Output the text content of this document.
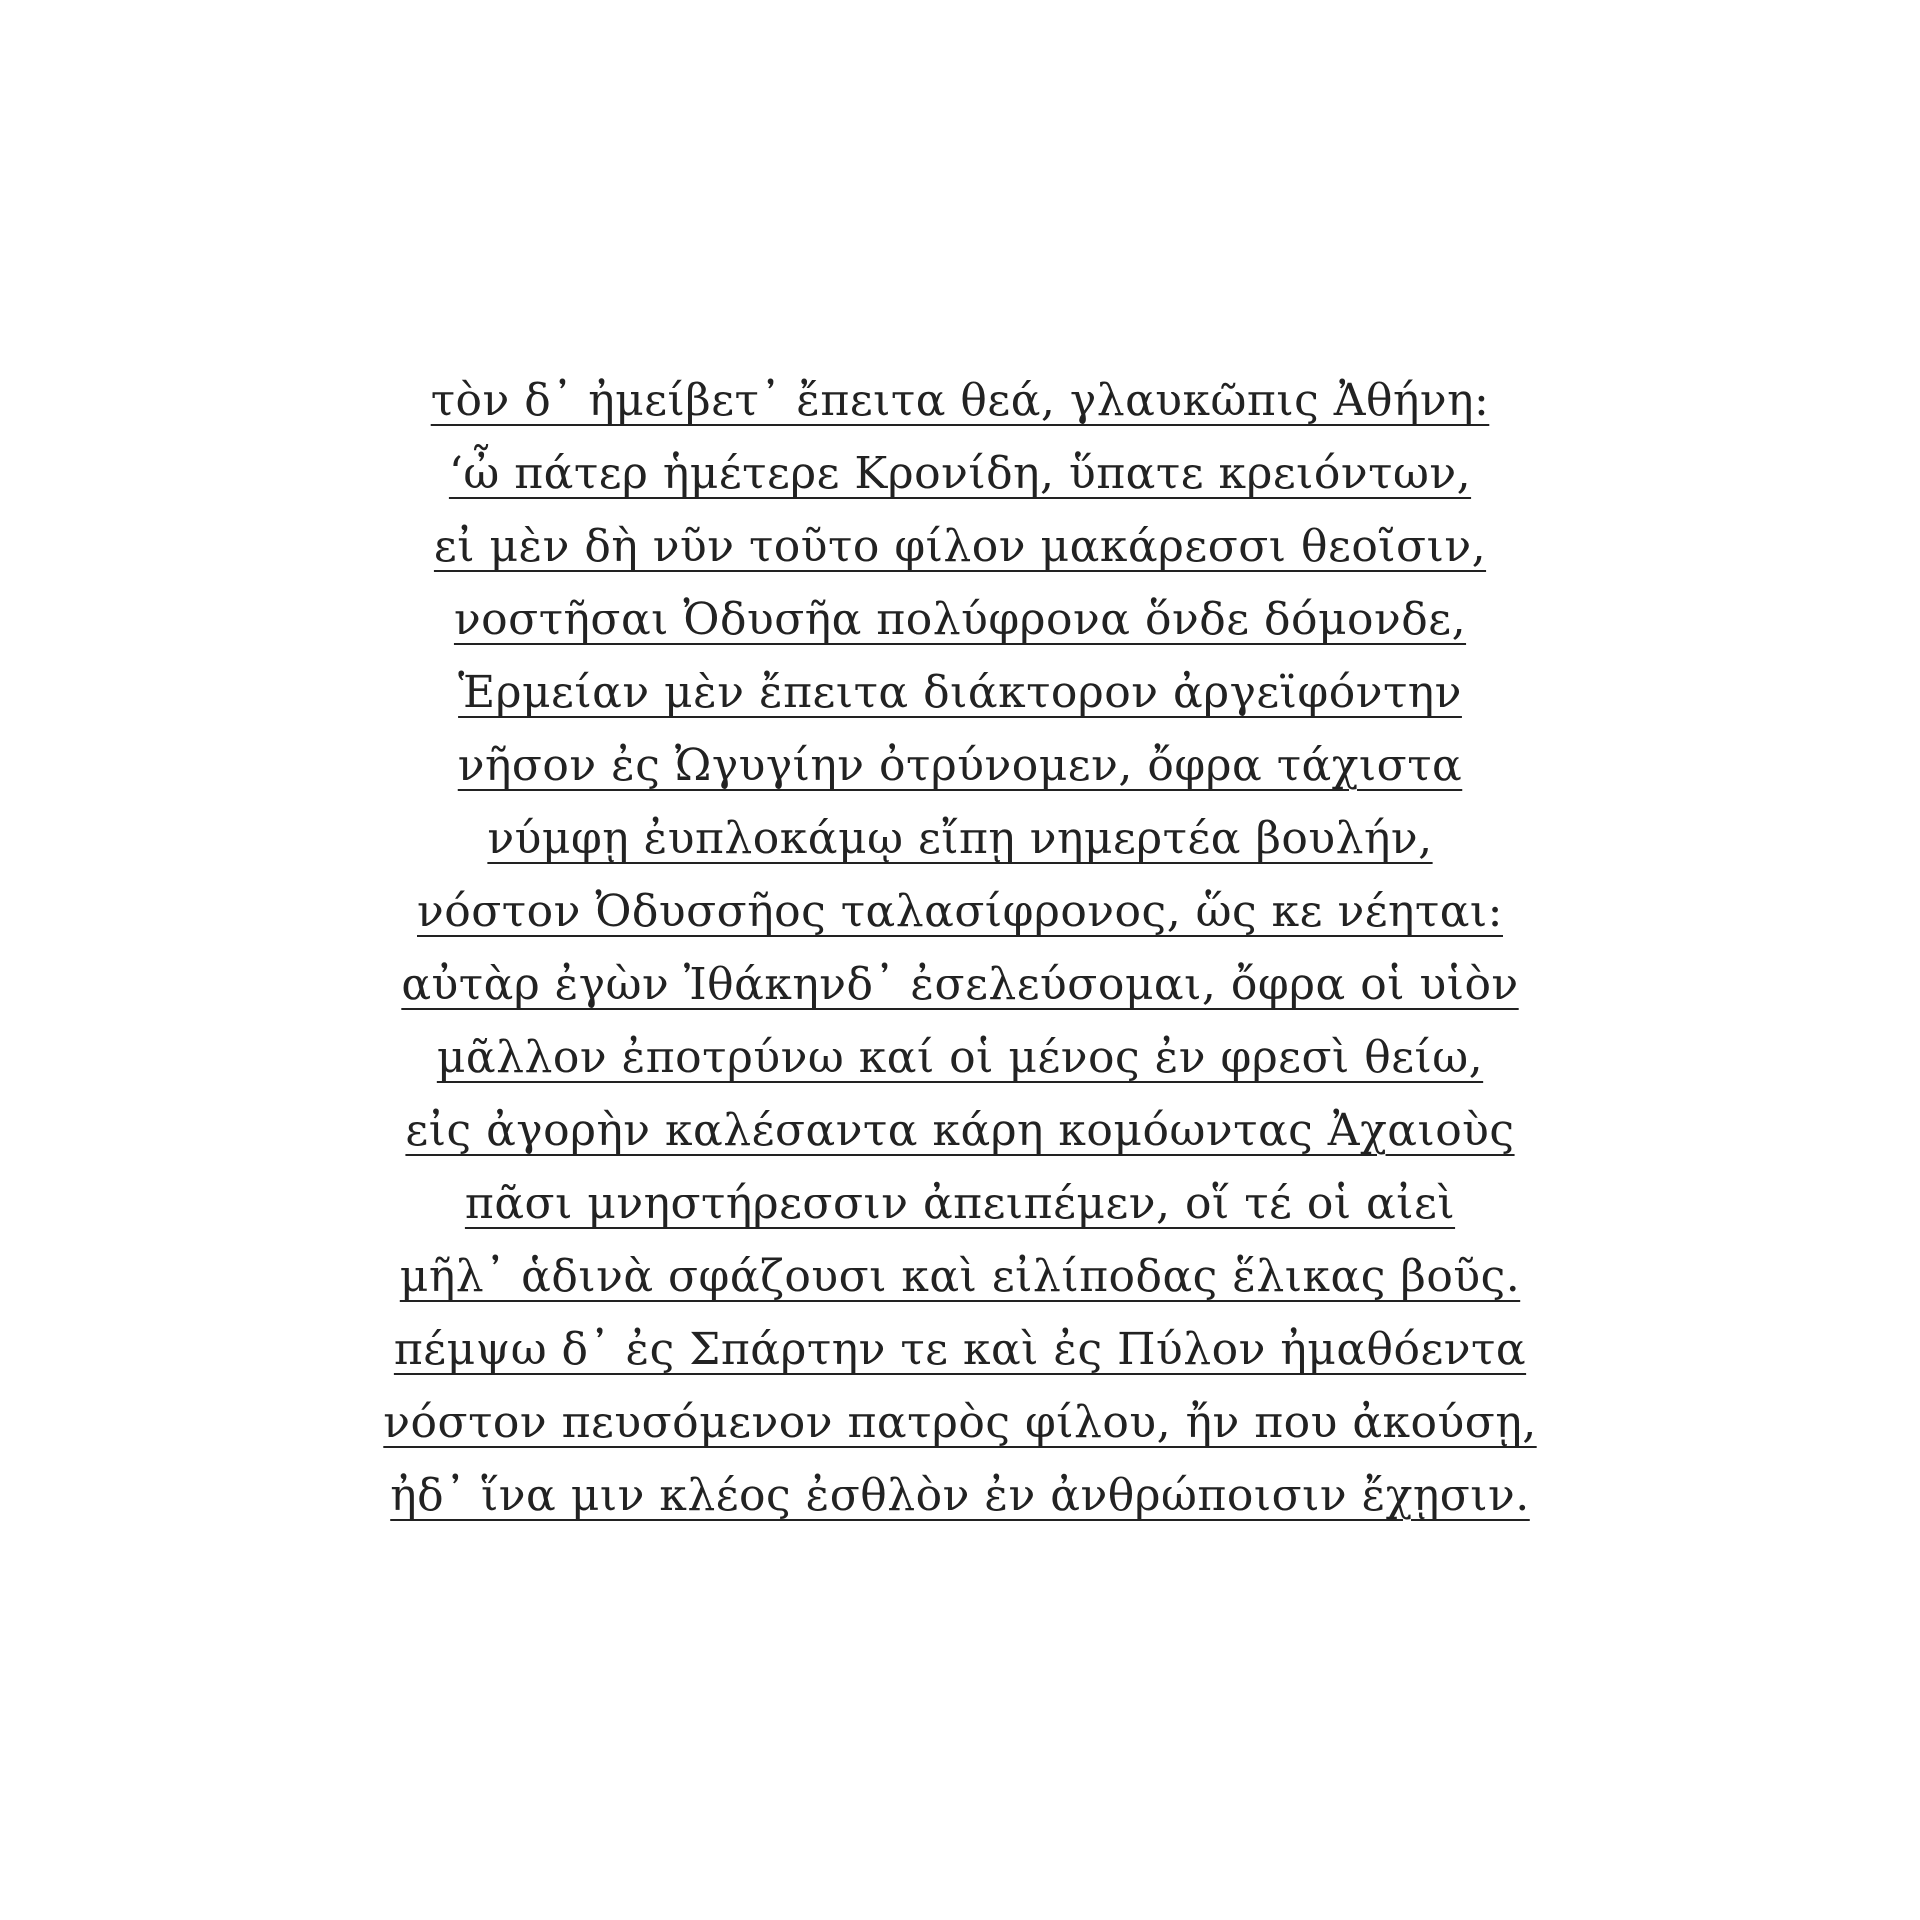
τὸν δ᾽ ἠμείβετ᾽ ἔπειτα θεά, γλαυκῶπις Ἀθήνη:
‘ὦ πάτερ ἡμέτερε Κρονίδη, ὕπατε κρειόντων,
εἰ μὲν δὴ νῦν τοῦτο φίλον μακάρεσσι θεοῖσιν,
νοστῆσαι Ὀδυσῆα πολύφρονα ὅνδε δόμονδε,
Ἑρμείαν μὲν ἔπειτα διάκτορον ἀργεϊφόντην
νῆσον ἐς Ὠγυγίην ὀτρύνομεν, ὄφρα τάχιστα
νύμφῃ ἐυπλοκάμῳ εἴπῃ νημερτέα βουλήν,
νόστον Ὀδυσσῆος ταλασίφρονος, ὥς κε νέηται:
αὐτὰρ ἐγὼν Ἰθάκηνδ᾽ ἐσελεύσομαι, ὄφρα οἱ υἱὸν
μᾶλλον ἐποτρύνω καί οἱ μένος ἐν φρεσὶ θείω,
εἰς ἀγορὴν καλέσαντα κάρη κομόωντας Ἀχαιοὺς
πᾶσι μνηστήρεσσιν ἀπειπέμεν, οἵ τέ οἱ αἰεὶ
μῆλ᾽ ἁδινὰ σφάζουσι καὶ εἰλίποδας ἕλικας βοῦς.
πέμψω δ᾽ ἐς Σπάρτην τε καὶ ἐς Πύλον ἠμαθόεντα
νόστον πευσόμενον πατρὸς φίλου, ἤν που ἀκούσῃ,
ἠδ᾽ ἵνα μιν κλέος ἐσθλὸν ἐν ἀνθρώποισιν ἔχῃσιν.
